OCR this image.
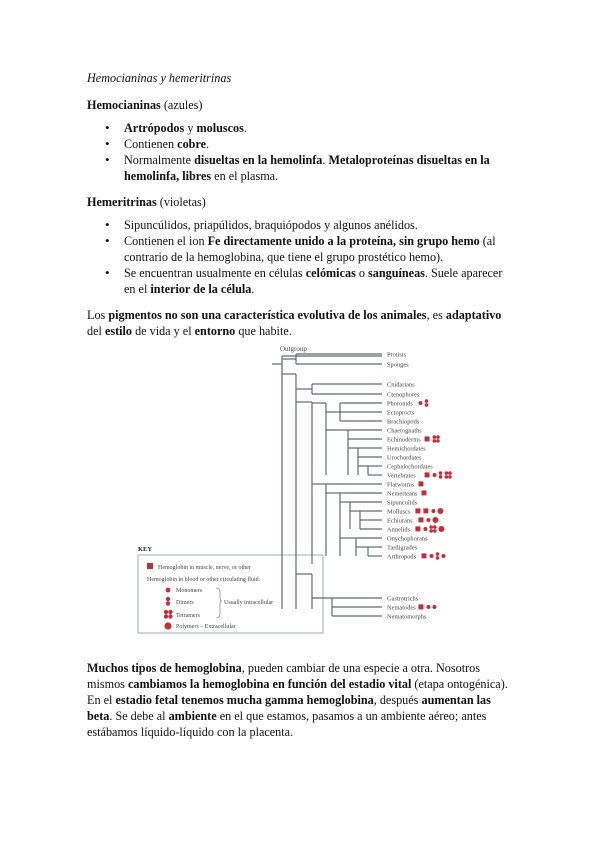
Hemocianinas y hemeritrinas

Hemocianinas (azules)

• Artrópodos y moluscos.
• Contienen cobre.
• Normalmente disueltas en la hemolinfa. Metaloproteínas disueltas en la hemolinfa, libres en el plasma.

Hemeritrinas (violetas)

• Sipuncúlidos, priapúlidos, braquiópodos y algunos anélidos.
• Contienen el ion Fe directamente unido a la proteína, sin grupo hemo (al contrario de la hemoglobina, que tiene el grupo prostético hemo).
• Se encuentran usualmente en células celómicas o sanguíneas. Suele aparecer en el interior de la célula.

Los pigmentos no son una característica evolutiva de los animales, es adaptativo del estilo de vida y el entorno que habite.

Outgroup
KEY
Hemoglobin in muscle, nerve, or other
Hemoglobin in blood or other circulating fluid:
Monomers
Dimers
Tetramers
Polymers – Extracellular
Usually intracellular
Protists
Sponges
Cnidarians
Ctenophores
Phoronids
Ectoprocts
Brachiopods
Chaetognaths
Echinoderms
Hemichordates
Urochordates
Cephalochordates
Vertebrates
Flatworms
Nemerteans
Sipunculids
Molluscs
Echiurans
Annelids
Onychophorans
Tardigrades
Arthropods
Gastrotrichs
Nematodes
Nematomorphs

Muchos tipos de hemoglobina, pueden cambiar de una especie a otra. Nosotros mismos cambiamos la hemoglobina en función del estadio vital (etapa ontogénica). En el estadio fetal tenemos mucha gamma hemoglobina, después aumentan las beta. Se debe al ambiente en el que estamos, pasamos a un ambiente aéreo; antes estábamos líquido-líquido con la placenta.
